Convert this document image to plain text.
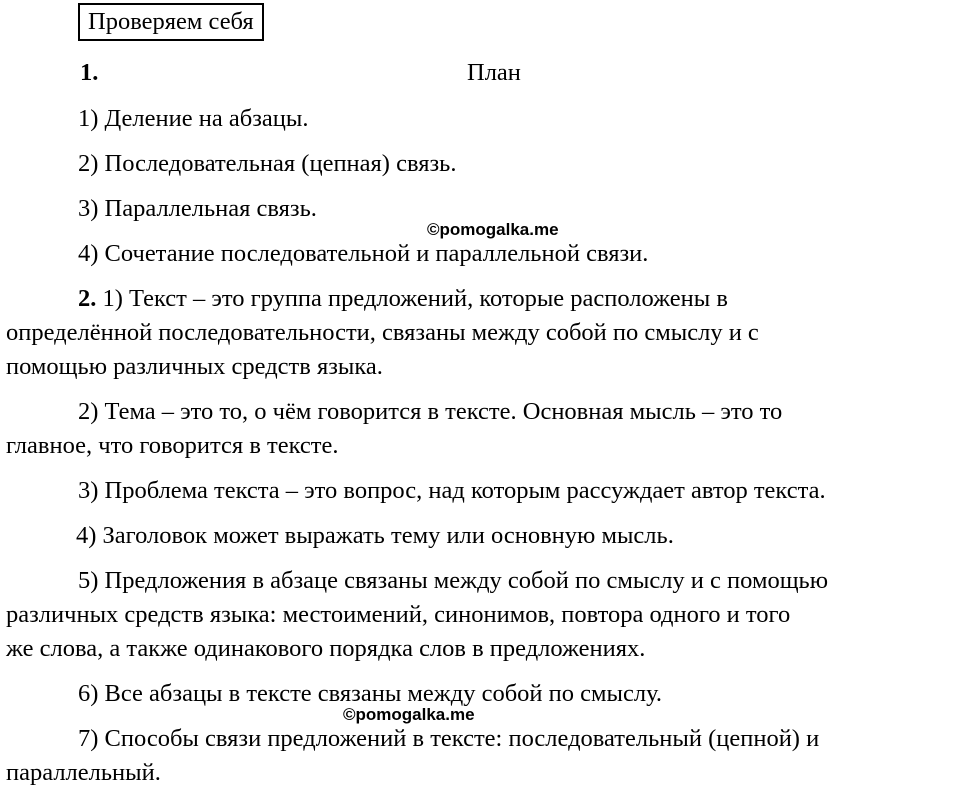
Проверяем себя
1.	План
1) Деление на абзацы.
2) Последовательная (цепная) связь.
3) Параллельная связь.
©pomogalka.me
4) Сочетание последовательной и параллельной связи.
2. 1) Текст – это группа предложений, которые расположены в
определённой последовательности, связаны между собой по смыслу и с
помощью различных средств языка.
2) Тема – это то, о чём говорится в тексте. Основная мысль – это то
главное, что говорится в тексте.
3) Проблема текста – это вопрос, над которым рассуждает автор текста.
4) Заголовок может выражать тему или основную мысль.
5) Предложения в абзаце связаны между собой по смыслу и с помощью
различных средств языка: местоимений, синонимов, повтора одного и того
же слова, а также одинакового порядка слов в предложениях.
6) Все абзацы в тексте связаны между собой по смыслу.
©pomogalka.me
7) Способы связи предложений в тексте: последовательный (цепной) и
параллельный.
